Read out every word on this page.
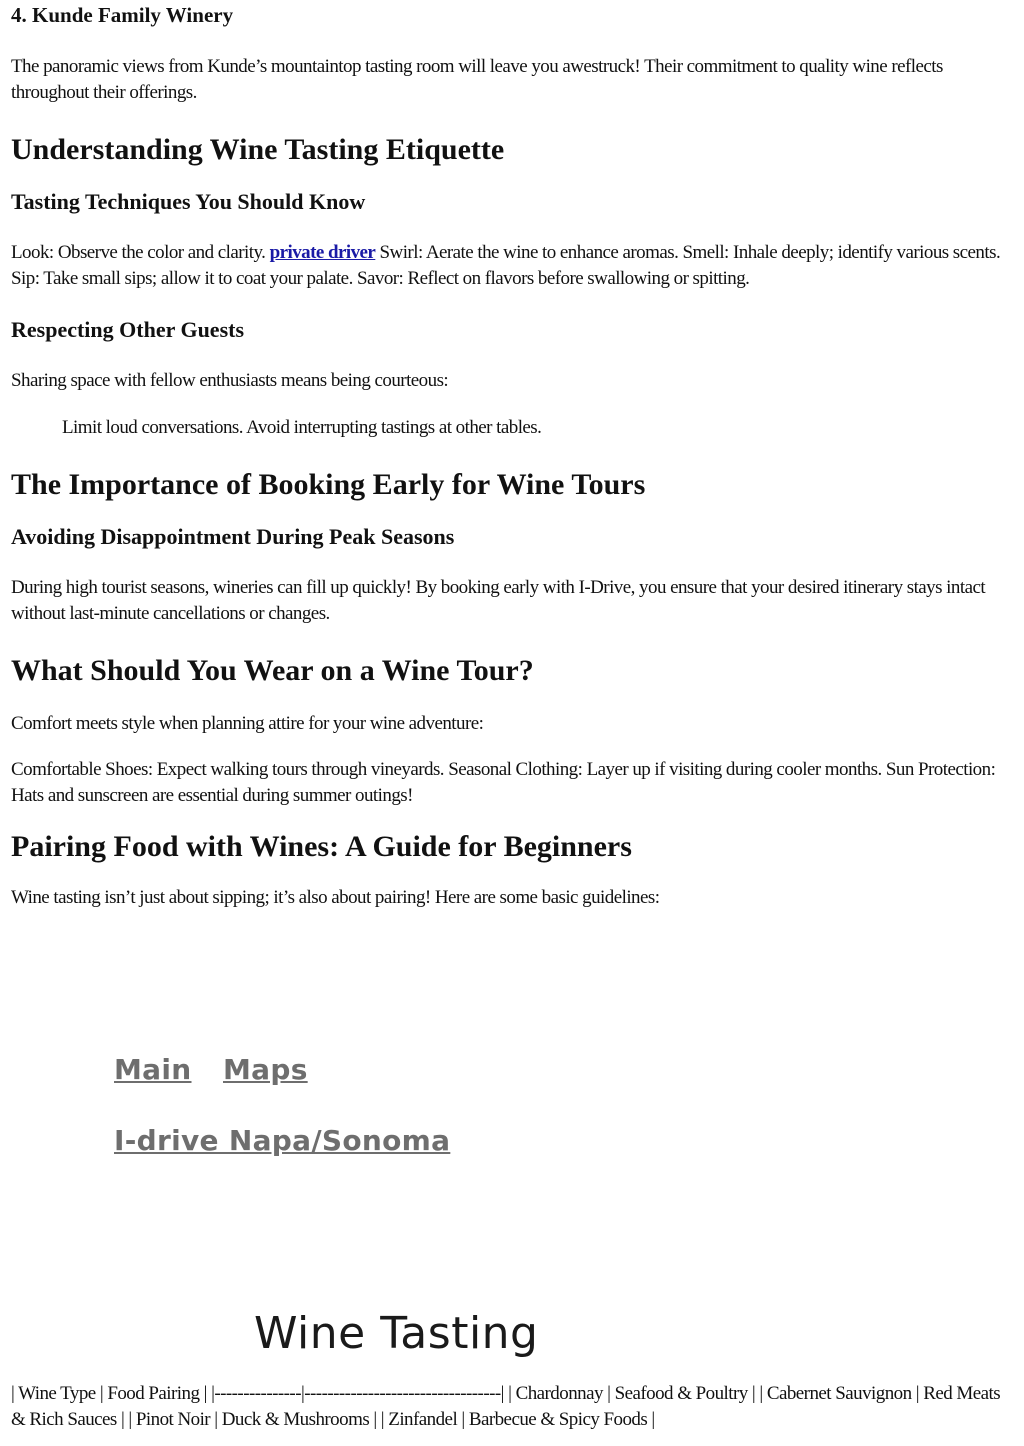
4. Kunde Family Winery

The panoramic views from Kunde’s mountaintop tasting room will leave you awestruck! Their commitment to quality wine reflects throughout their offerings.

Understanding Wine Tasting Etiquette
Tasting Techniques You Should Know

Look: Observe the color and clarity. private driver Swirl: Aerate the wine to enhance aromas. Smell: Inhale deeply; identify various scents. Sip: Take small sips; allow it to coat your palate. Savor: Reflect on flavors before swallowing or spitting.

Respecting Other Guests

Sharing space with fellow enthusiasts means being courteous:

Limit loud conversations. Avoid interrupting tastings at other tables.

The Importance of Booking Early for Wine Tours
Avoiding Disappointment During Peak Seasons

During high tourist seasons, wineries can fill up quickly! By booking early with I-Drive, you ensure that your desired itinerary stays intact without last-minute cancellations or changes.

What Should You Wear on a Wine Tour?

Comfort meets style when planning attire for your wine adventure:

Comfortable Shoes: Expect walking tours through vineyards. Seasonal Clothing: Layer up if visiting during cooler months. Sun Protection: Hats and sunscreen are essential during summer outings!

Pairing Food with Wines: A Guide for Beginners

Wine tasting isn’t just about sipping; it’s also about pairing! Here are some basic guidelines:

Main Maps
I-drive Napa/Sonoma
Wine Tasting
| Wine Type | Food Pairing | |---------------|----------------------------------| | Chardonnay | Seafood & Poultry | | Cabernet Sauvignon | Red Meats & Rich Sauces | | Pinot Noir | Duck & Mushrooms | | Zinfandel | Barbecue & Spicy Foods |
